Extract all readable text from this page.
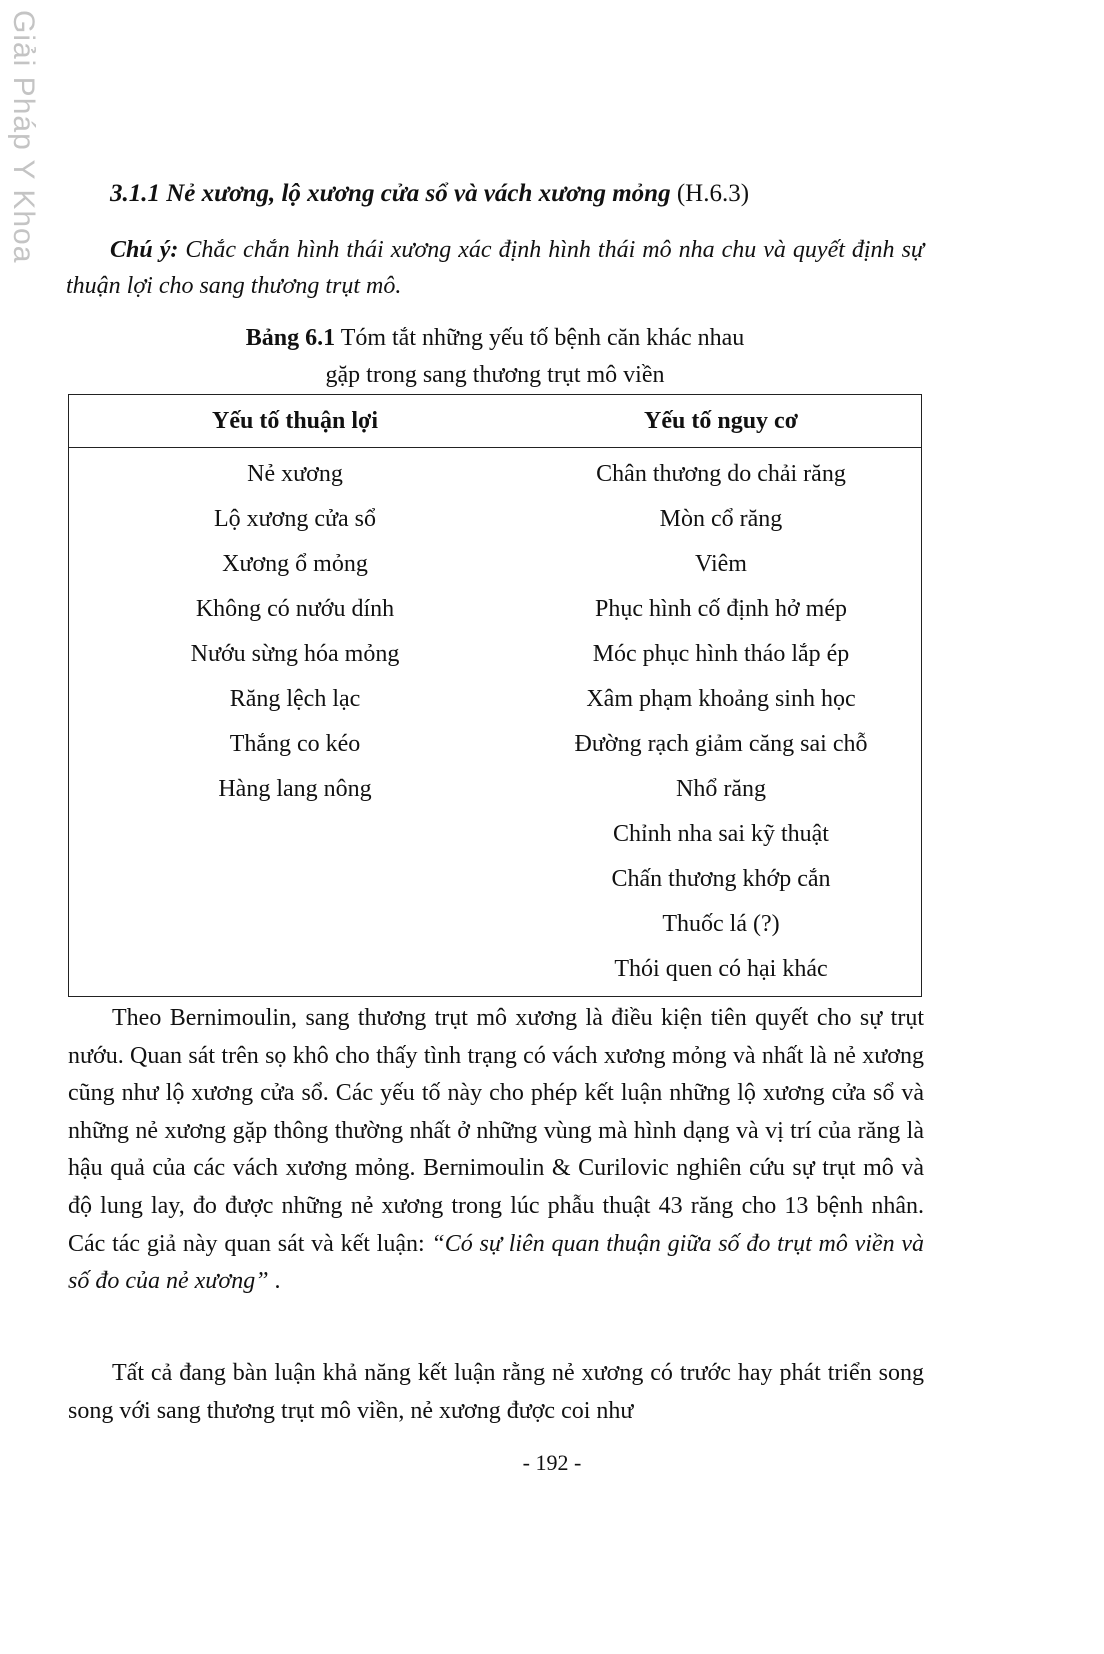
Giải Pháp Y Khoa	3.1.1 Nẻ xương, lộ xương cửa sổ và vách xương mỏng (H.6.3)
Chú ý: Chắc chắn hình thái xương xác định hình thái mô nha chu và quyết định sự thuận lợi cho sang thương trụt mô.
Bảng 6.1 Tóm tắt những yếu tố bệnh căn khác nhau
gặp trong sang thương trụt mô viền
Yếu tố thuận lợi	Yếu tố nguy cơ
Nẻ xương
Lộ xương cửa sổ
Xương ổ mỏng
Không có nướu dính
Nướu sừng hóa mỏng
Răng lệch lạc
Thắng co kéo
Hàng lang nông
Chân thương do chải răng
Mòn cổ răng
Viêm
Phục hình cố định hở mép
Móc phục hình tháo lắp ép
Xâm phạm khoảng sinh học
Đường rạch giảm căng sai chỗ
Nhổ răng
Chỉnh nha sai kỹ thuật
Chấn thương khớp cắn
Thuốc lá (?)
Thói quen có hại khác

Theo Bernimoulin, sang thương trụt mô xương là điều kiện tiên quyết cho sự trụt nướu. Quan sát trên sọ khô cho thấy tình trạng có vách xương mỏng và nhất là nẻ xương cũng như lộ xương cửa sổ. Các yếu tố này cho phép kết luận những lộ xương cửa sổ và những nẻ xương gặp thông thường nhất ở những vùng mà hình dạng và vị trí của răng là hậu quả của các vách xương mỏng. Bernimoulin & Curilovic nghiên cứu sự trụt mô và độ lung lay, đo được những nẻ xương trong lúc phẫu thuật 43 răng cho 13 bệnh nhân. Các tác giả này quan sát và kết luận: “Có sự liên quan thuận giữa số đo trụt mô viền và số đo của nẻ xương” .

Tất cả đang bàn luận khả năng kết luận rằng nẻ xương có trước hay phát triển song song với sang thương trụt mô viền, nẻ xương được coi như

- 192 -
